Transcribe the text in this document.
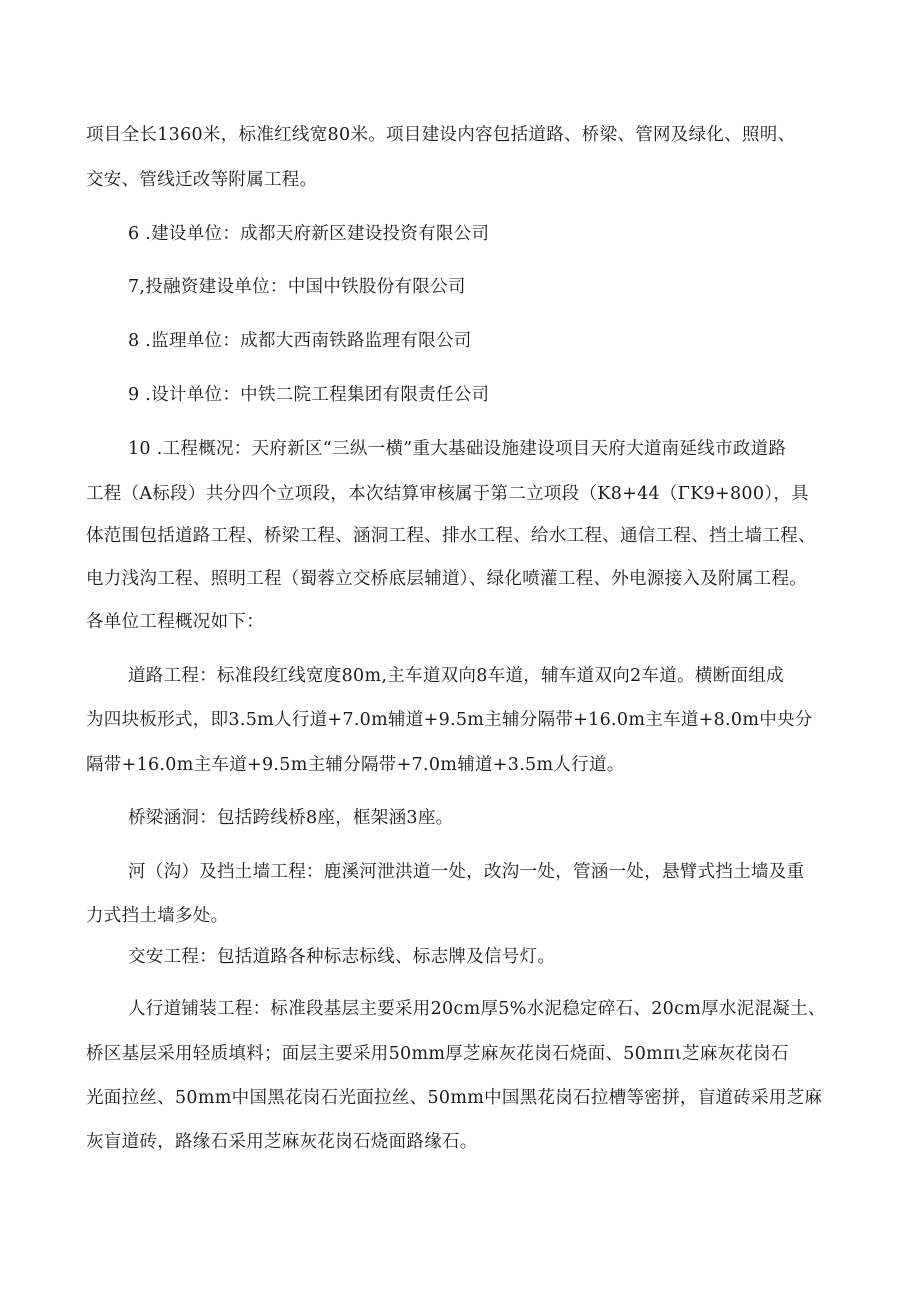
项目全长1360米，标准红线宽80米。项目建设内容包括道路、桥梁、管网及绿化、照明、
交安、管线迁改等附属工程。
6 .建设单位：成都天府新区建设投资有限公司
7,投融资建设单位：中国中铁股份有限公司
8 .监理单位：成都大西南铁路监理有限公司
9 .设计单位：中铁二院工程集团有限责任公司
10 .工程概况：天府新区“三纵一横”重大基础设施建设项目天府大道南延线市政道路
工程（A标段）共分四个立项段，本次结算审核属于第二立项段（K8+44（ΓK9+800），具
体范围包括道路工程、桥梁工程、涵洞工程、排水工程、给水工程、通信工程、挡土墙工程、
电力浅沟工程、照明工程（蜀蓉立交桥底层辅道）、绿化喷灌工程、外电源接入及附属工程。
各单位工程概况如下：
道路工程：标准段红线宽度80m,主车道双向8车道，辅车道双向2车道。横断面组成
为四块板形式，即3.5m人行道+7.0m辅道+9.5m主辅分隔带+16.0m主车道+8.0m中央分
隔带+16.0m主车道+9.5m主辅分隔带+7.0m辅道+3.5m人行道。
桥梁涵洞：包括跨线桥8座，框架涵3座。
河（沟）及挡土墙工程：鹿溪河泄洪道一处，改沟一处，管涵一处，悬臂式挡土墙及重
力式挡土墙多处。
交安工程：包括道路各种标志标线、标志牌及信号灯。
人行道铺装工程：标准段基层主要采用20cm厚5%水泥稳定碎石、20cm厚水泥混凝土、
桥区基层采用轻质填料；面层主要采用50mm厚芝麻灰花岗石烧面、50mπι芝麻灰花岗石
光面拉丝、50mm中国黑花岗石光面拉丝、50mm中国黑花岗石拉槽等密拼，盲道砖采用芝麻
灰盲道砖，路缘石采用芝麻灰花岗石烧面路缘石。
